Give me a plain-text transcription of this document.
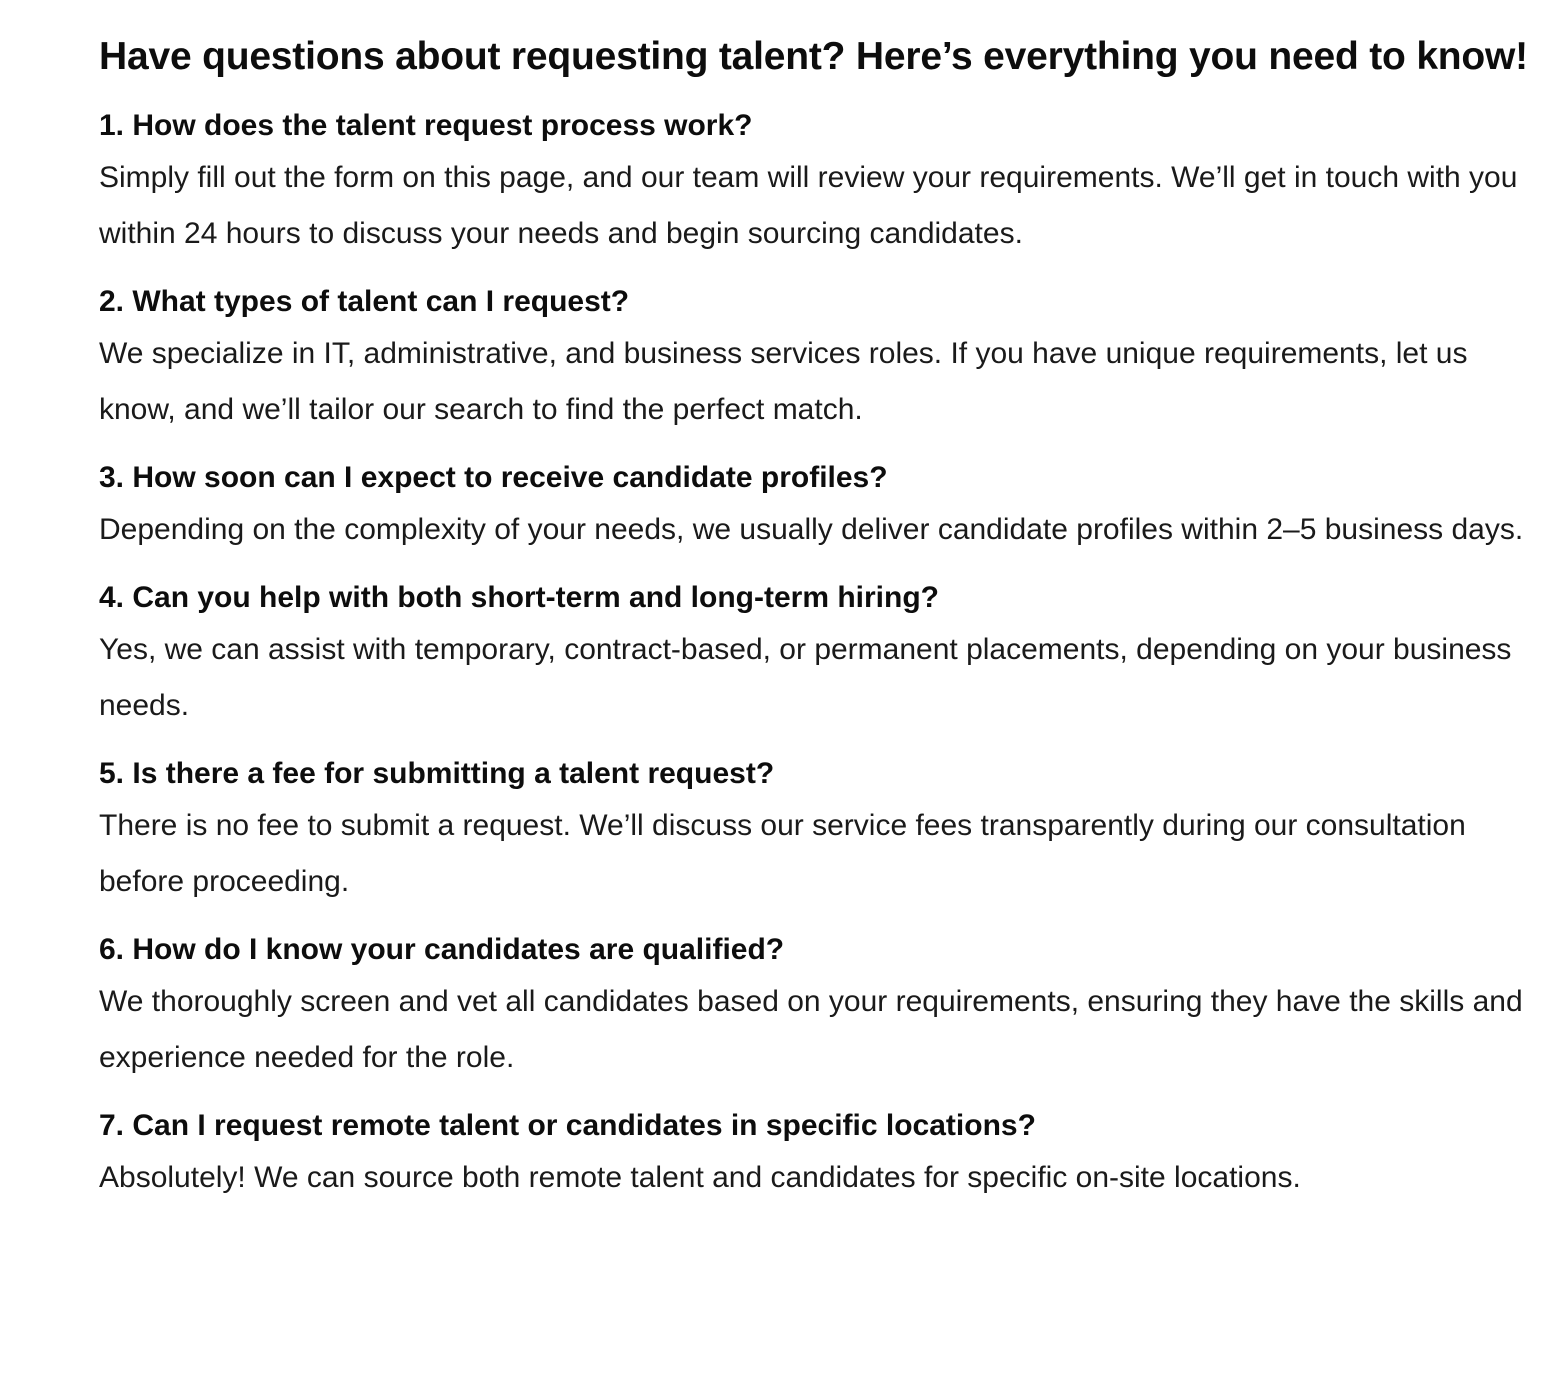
Have questions about requesting talent? Here’s everything you need to know!
1. How does the talent request process work?

Simply fill out the form on this page, and our team will review your requirements. We’ll get in touch with you within 24 hours to discuss your needs and begin sourcing candidates.

2. What types of talent can I request?

We specialize in IT, administrative, and business services roles. If you have unique requirements, let us know, and we’ll tailor our search to find the perfect match.

3. How soon can I expect to receive candidate profiles?

Depending on the complexity of your needs, we usually deliver candidate profiles within 2–5 business days.

4. Can you help with both short-term and long-term hiring?

Yes, we can assist with temporary, contract-based, or permanent placements, depending on your business needs.

5. Is there a fee for submitting a talent request?

There is no fee to submit a request. We’ll discuss our service fees transparently during our consultation before proceeding.

6. How do I know your candidates are qualified?

We thoroughly screen and vet all candidates based on your requirements, ensuring they have the skills and experience needed for the role.

7. Can I request remote talent or candidates in specific locations?

Absolutely! We can source both remote talent and candidates for specific on-site locations.
